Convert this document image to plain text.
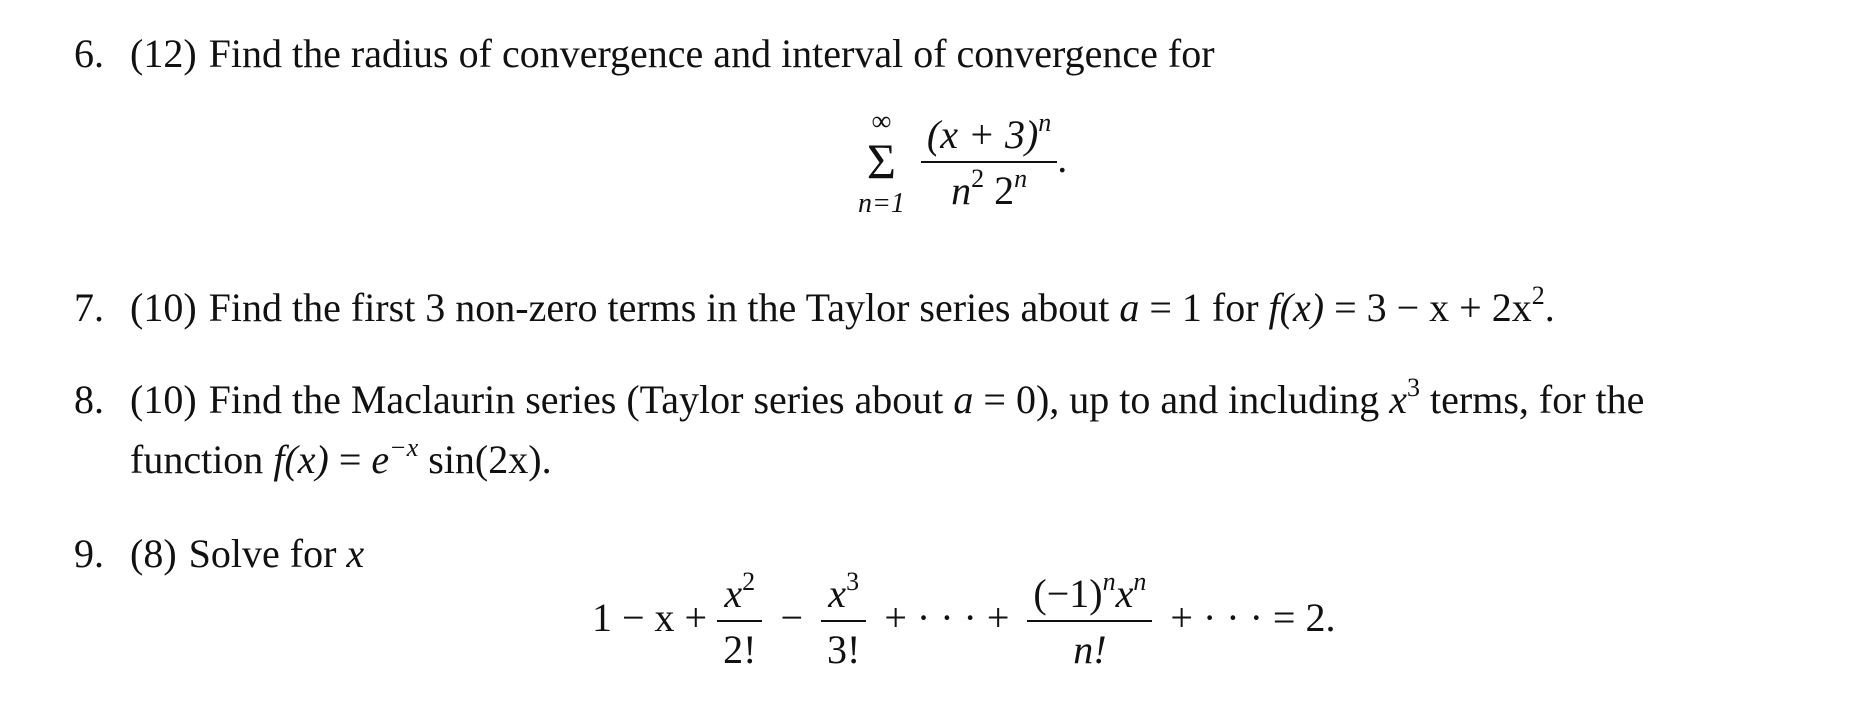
6. (12) Find the radius of convergence and interval of convergence for
∞
Σ
n=1
$\frac{(x + 3)^n}{n^2 2^n}$ .
7. (10) Find the first 3 non-zero terms in the Taylor series about a = 1 for $f(x) = 3 - x + 2x^2$.
8. (10) Find the Maclaurin series (Taylor series about a = 0), up to and including $x^3$ terms, for the
function $f(x) = e^{-x}$ sin(2x).
9. (8) Solve for x
$1 - x + \frac{x^2}{2!} - \frac{x^3}{3!}$ + · · · + $\frac{(-1)^nx^n}{n!}$ + · · · = 2.
